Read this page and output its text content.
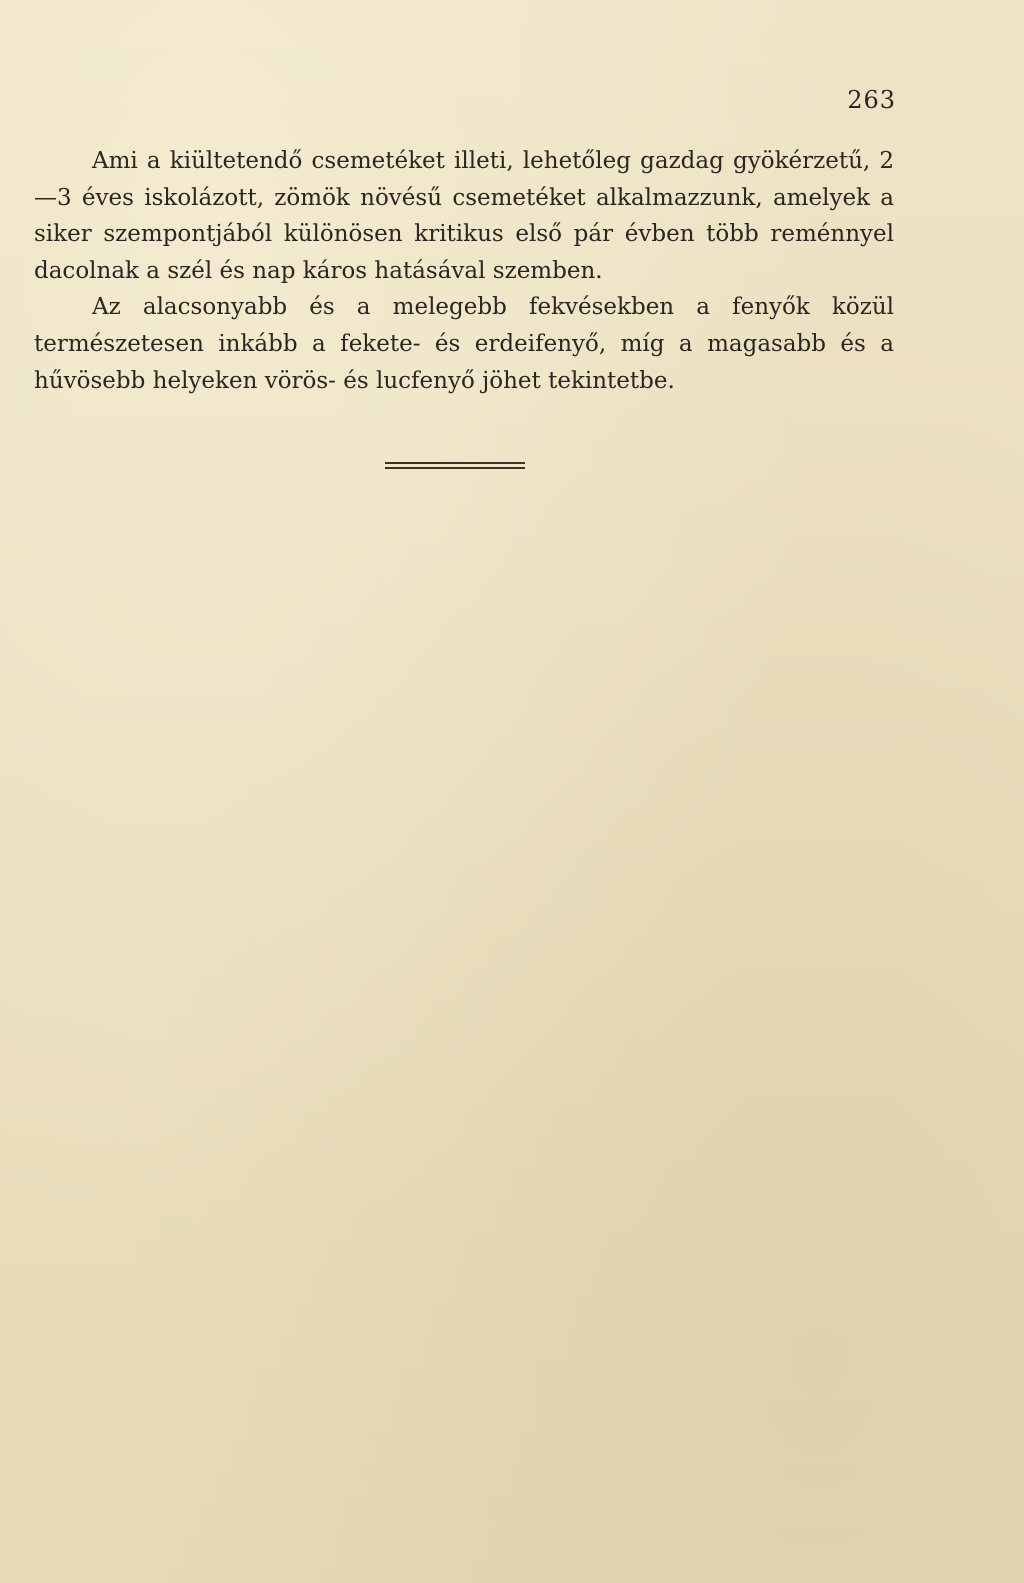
263

Ami a kiültetendő csemetéket illeti, lehetőleg gazdag gyökérzetű, 2—3 éves iskolázott, zömök növésű csemetéket alkalmazzunk, amelyek a siker szempontjából különösen kritikus első pár évben több reménnyel dacolnak a szél és nap káros hatásával szemben.

Az alacsonyabb és a melegebb fekvésekben a fenyők közül természetesen inkább a fekete- és erdeifenyő, míg a magasabb és a hűvösebb helyeken vörös- és lucfenyő jöhet tekintetbe.
